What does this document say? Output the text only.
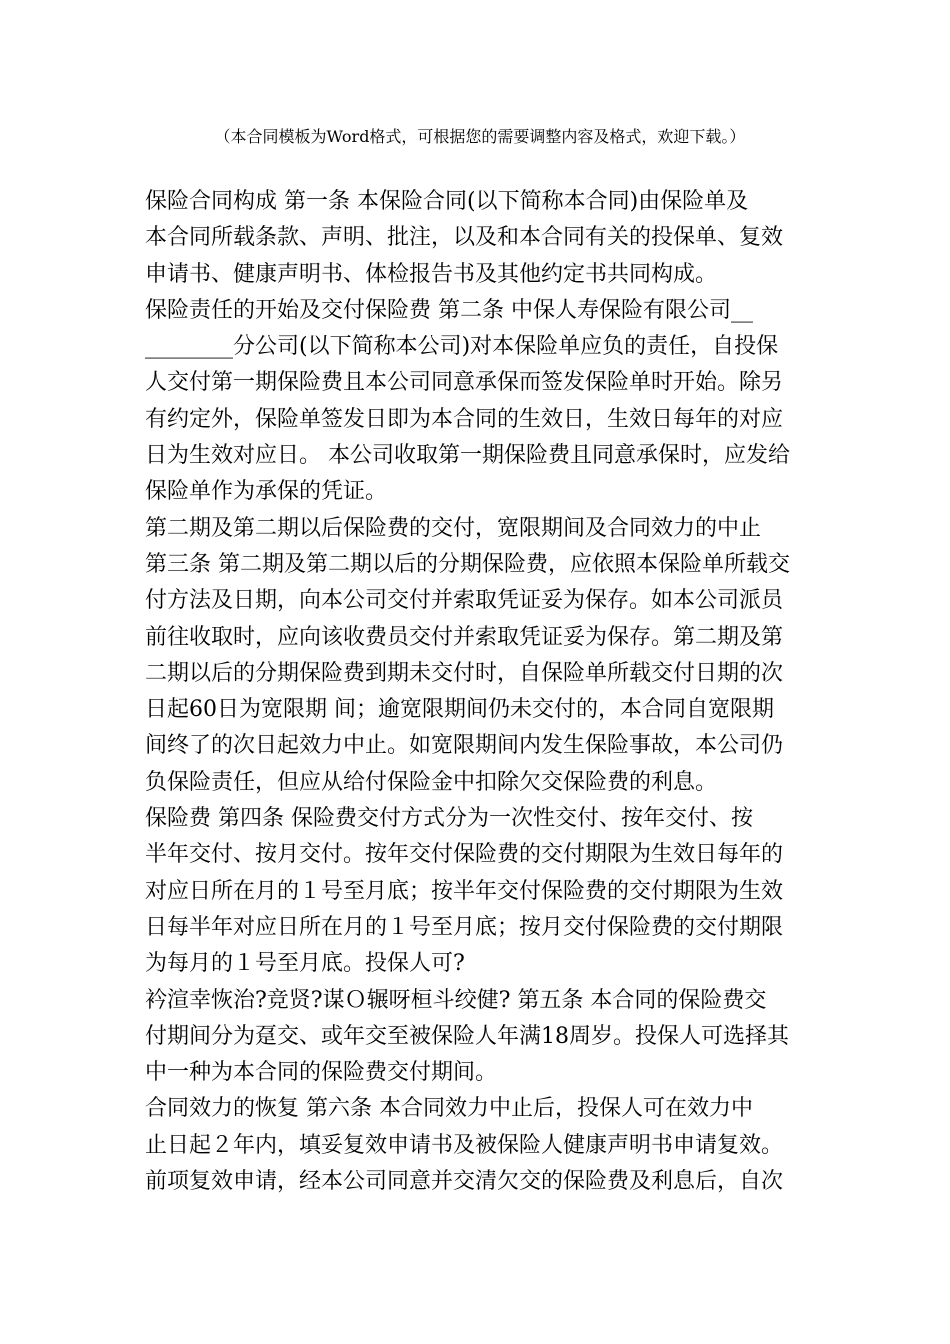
（本合同模板为Word格式，可根据您的需要调整内容及格式，欢迎下载。）
保险合同构成 第一条 本保险合同(以下简称本合同)由保险单及
本合同所载条款、声明、批注，以及和本合同有关的投保单、复效
申请书、健康声明书、体检报告书及其他约定书共同构成。
保险责任的开始及交付保险费 第二条 中保人寿保险有限公司__
________分公司(以下简称本公司)对本保险单应负的责任，自投保
人交付第一期保险费且本公司同意承保而签发保险单时开始。除另
有约定外，保险单签发日即为本合同的生效日，生效日每年的对应
日为生效对应日。 本公司收取第一期保险费且同意承保时，应发给
保险单作为承保的凭证。
第二期及第二期以后保险费的交付，宽限期间及合同效力的中止
第三条 第二期及第二期以后的分期保险费，应依照本保险单所载交
付方法及日期，向本公司交付并索取凭证妥为保存。如本公司派员
前往收取时，应向该收费员交付并索取凭证妥为保存。第二期及第
二期以后的分期保险费到期未交付时，自保险单所载交付日期的次
日起60日为宽限期 间；逾宽限期间仍未交付的，本合同自宽限期
间终了的次日起效力中止。如宽限期间内发生保险事故，本公司仍
负保险责任，但应从给付保险金中扣除欠交保险费的利息。
保险费 第四条 保险费交付方式分为一次性交付、按年交付、按
半年交付、按月交付。按年交付保险费的交付期限为生效日每年的
对应日所在月的１号至月底；按半年交付保险费的交付期限为生效
日每半年对应日所在月的１号至月底；按月交付保险费的交付期限
为每月的１号至月底。投保人可?
衿渲幸恢治?竞贤?谋Ｏ辗呀桓斗绞健? 第五条 本合同的保险费交
付期间分为趸交、或年交至被保险人年满18周岁。投保人可选择其
中一种为本合同的保险费交付期间。
合同效力的恢复 第六条 本合同效力中止后，投保人可在效力中
止日起２年内，填妥复效申请书及被保险人健康声明书申请复效。
前项复效申请，经本公司同意并交清欠交的保险费及利息后，自次
